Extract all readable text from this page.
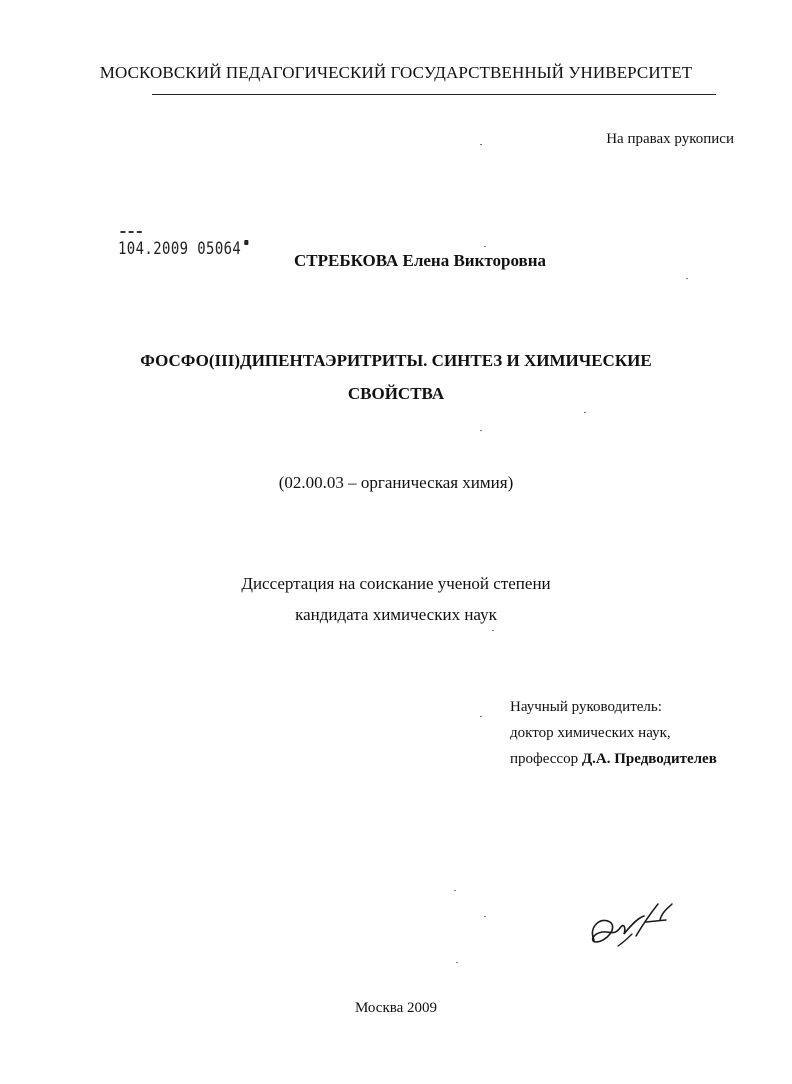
МОСКОВСКИЙ ПЕДАГОГИЧЕСКИЙ ГОСУДАРСТВЕННЫЙ УНИВЕРСИТЕТ
На правах рукописи
104.2009 05064
СТРЕБКОВА Елена Викторовна
ФОСФО(III)ДИПЕНТАЭРИТРИТЫ. СИНТЕЗ И ХИМИЧЕСКИЕ
СВОЙСТВА
(02.00.03 – органическая химия)
Диссертация на соискание ученой степени
кандидата химических наук
Научный руководитель:
доктор химических наук,
профессор Д.А. Предводителев
Москва 2009
